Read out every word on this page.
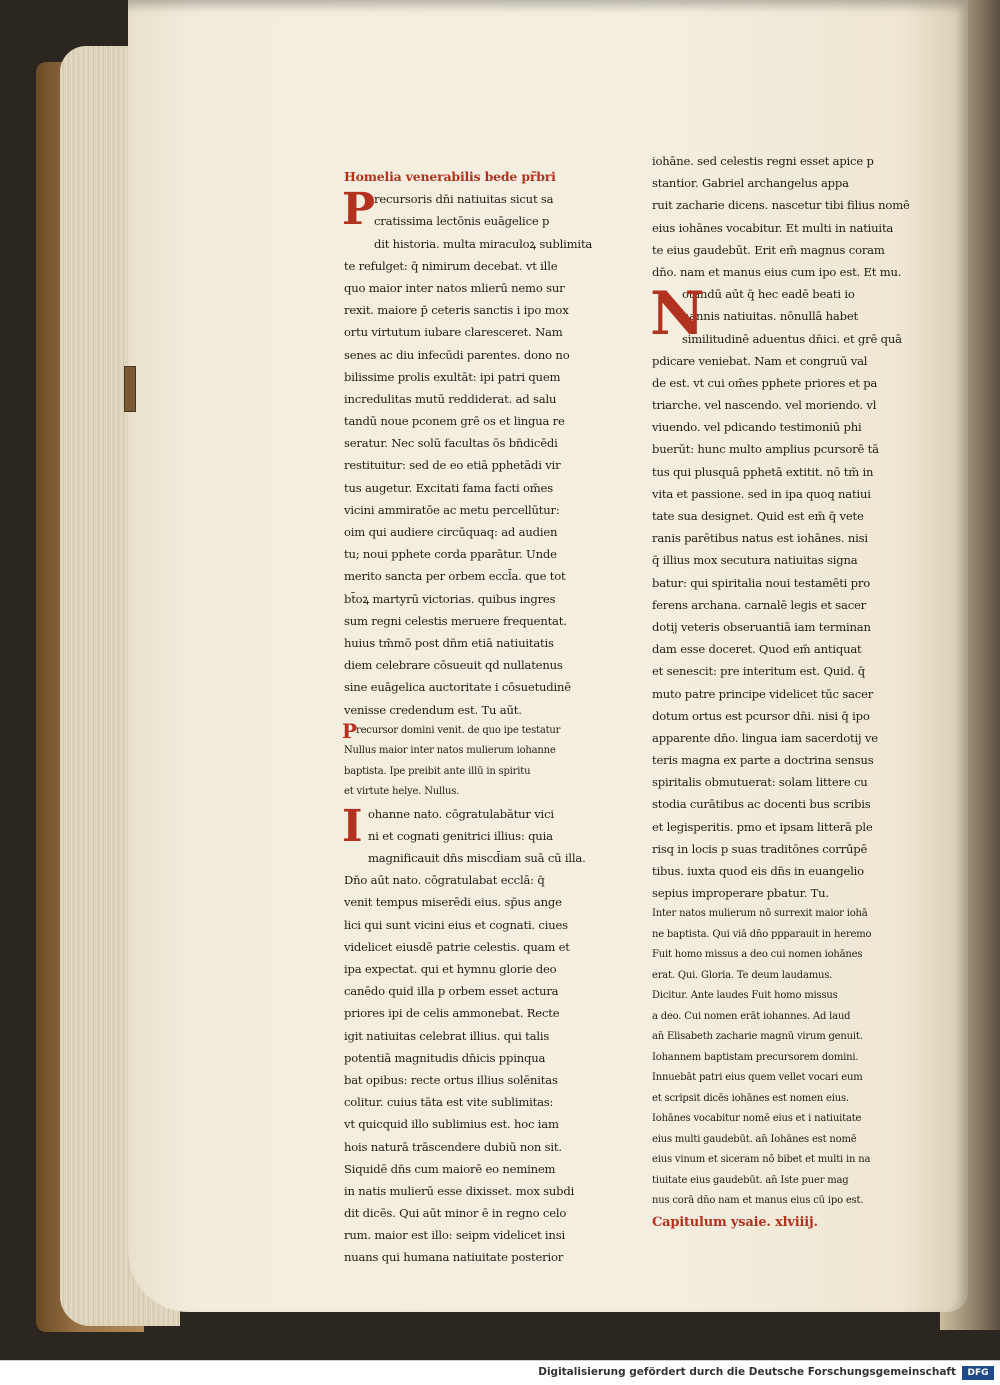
Homelia venerabilis bede pr̃bri
P
recursoris dn̄i natiuitas sicut sa
cratissima lectōnis euāgelice p
dit historia. multa miraculoꝝ sublimita
te refulget: q̄ nimirum decebat. vt ille
quo maior inter natos mlierū nemo sur
rexit. maiore p̄ ceteris sanctis i ipo mox
ortu virtutum iubare claresceret. Nam
senes ac diu infecūdi parentes. dono no
bilissime prolis exultāt: ipi patri quem
incredulitas mutū reddiderat. ad salu
tandū noue pconem grē os et lingua re
seratur. Nec solū facultas ōs bn̄dicēdi
restituitur: sed de eo etiā pphetādi vir
tus augetur. Excitati fama facti om̄es
vicini ammiratōe ac metu percellūtur:
oim qui audiere circūquaq: ad audien
tu; noui pphete corda pparātur. Unde
merito sancta per orbem eccl̄a. que tot
bt̄oꝝ martyrū victorias. quibus ingres
sum regni celestis meruere frequentat.
huius tm̄mō post dn̄m etiā natiuitatis
diem celebrare cōsueuit qd nullatenus
sine euāgelica auctoritate i cōsuetudinē
venisse credendum est. Tu aūt.
recursor domini venit. de quo ipe testatur
Nullus maior inter natos mulierum iohanne
baptista. Ipe preibit ante illū in spiritu
et virtute helye. Nullus.
P
ohanne nato. cōgratulabātur vici
ni et cognati genitrici illius: quia
magnificauit dn̄s miscd̄iam suā cū illa.
Dn̄o aūt nato. cōgratulabat ecclā: q̄
venit tempus miserēdi eius. sp̄us ange
lici qui sunt vicini eius et cognati. ciues
videlicet eiusdē patrie celestis. quam et
ipa expectat. qui et hymnu glorie deo
canēdo quid illa p orbem esset actura
priores ipi de celis ammonebat. Recte
igit natiuitas celebrat illius. qui talis
potentiā magnitudis dn̄icis ppinqua
bat opibus: recte ortus illius solēnitas
colitur. cuius tāta est vite sublimitas:
vt quicquid illo sublimius est. hoc iam
hois naturā trāscendere dubiū non sit.
Siquidē dn̄s cum maiorē eo neminem
in natis mulierū esse dixisset. mox subdi
dit dicēs. Qui aūt minor ē in regno celo
rum. maior est illo: seipm videlicet insi
nuans qui humana natiuitate posterior
I
iohāne. sed celestis regni esset apice p
stantior. Gabriel archangelus appa
ruit zacharie dicens. nascetur tibi filius nomē
eius iohānes vocabitur. Et multi in natiuita
te eius gaudebūt. Erit em̄ magnus coram
dn̄o. nam et manus eius cum ipo est. Et mu.
otandū aūt q̄ hec eadē beati io
hannis natiuitas. nōnullā habet
similitudinē aduentus dn̄ici. et grē quā
pdicare veniebat. Nam et congruū val
de est. vt cui om̄es pphete priores et pa
triarche. vel nascendo. vel moriendo. vl
viuendo. vel pdicando testimoniū phi
buerūt: hunc multo amplius pcursorē tā
tus qui plusquā pphetā extitit. nō tm̄ in
vita et passione. sed in ipa quoq natiui
tate sua designet. Quid est em̄ q̄ vete
ranis parētibus natus est iohānes. nisi
q̄ illius mox secutura natiuitas signa
batur: qui spiritalia noui testamēti pro
ferens archana. carnalē legis et sacer
dotij veteris obseruantiā iam terminan
dam esse doceret. Quod em̄ antiquat
et senescit: pre interitum est. Quid. q̄
muto patre principe videlicet tūc sacer
dotum ortus est pcursor dn̄i. nisi q̄ ipo
apparente dn̄o. lingua iam sacerdotij ve
teris magna ex parte a doctrina sensus
spiritalis obmutuerat: solam littere cu
stodia curātibus ac docenti bus scribis
et legisperitis. pmo et ipsam litterā ple
risq in locis p suas traditōnes corrūpē
tibus. iuxta quod eis dn̄s in euangelio
sepius improperare pbatur. Tu.
N
Inter natos mulierum nō surrexit maior iohā
ne baptista. Qui viā dn̄o ppparauit in heremo
Fuit homo missus a deo cui nomen iohānes
erat. Qui. Gloria. Te deum laudamus.
Dicitur. Ante laudes Fuit homo missus
a deo. Cui nomen erāt iohannes. Ad laud
an̄ Elisabeth zacharie magnū virum genuit.
Iohannem baptistam precursorem domini.
Innuebāt patri eius quem vellet vocari eum
et scripsit dicēs iohānes est nomen eius.
Iohānes vocabitur nomē eius et i natiuitate
eius multi gaudebūt. an̄ Iohānes est nomē
eius vinum et siceram nō bibet et multi in na
tiuitate eius gaudebūt. an̄ Iste puer mag
nus corā dn̄o nam et manus eius cū ipo est.
Capitulum ysaie. xlviiij.
Digitalisierung gefördert durch die Deutsche Forschungsgemeinschaft	DFG
